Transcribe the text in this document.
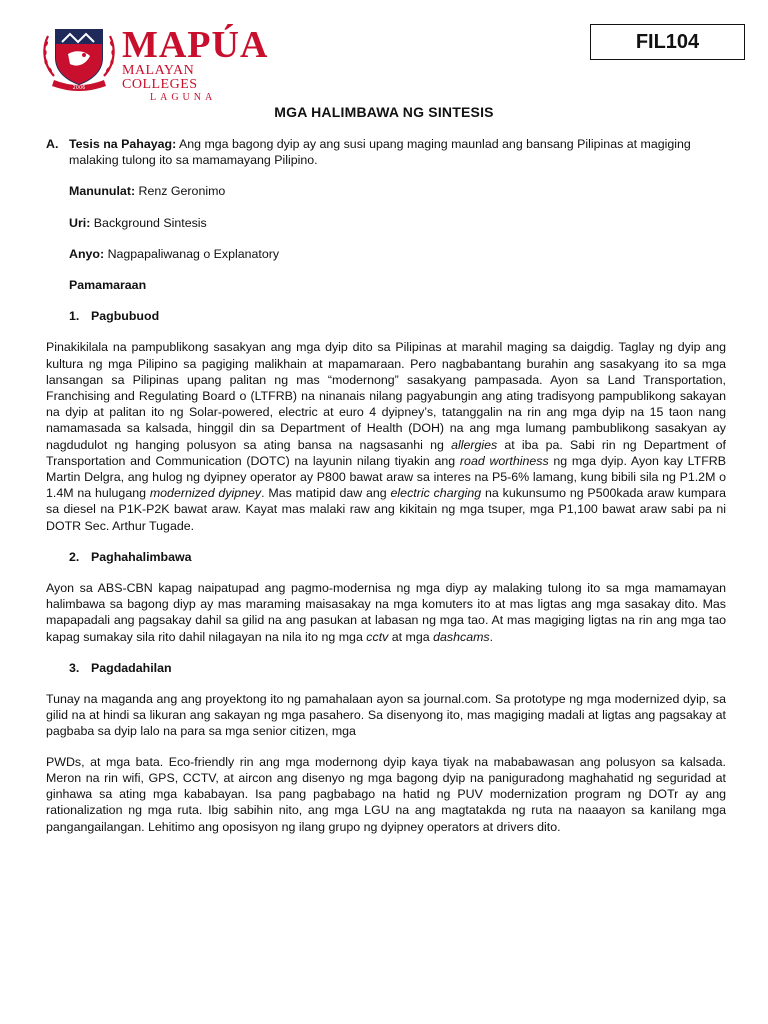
2006
MAPÚA
MALAYAN COLLEGES
LAGUNA
FIL104
MGA HALIMBAWA NG SINTESIS
A. Tesis na Pahayag: Ang mga bagong dyip ay ang susi upang maging maunlad ang bansang Pilipinas at magiging malaking tulong ito sa mamamayang Pilipino.
Manunulat: Renz Geronimo
Uri: Background Sintesis
Anyo: Nagpapaliwanag o Explanatory
Pamamaraan
1. Pagbubuod

Pinakikilala na pampublikong sasakyan ang mga dyip dito sa Pilipinas at marahil maging sa daigdig. Taglay ng dyip ang kultura ng mga Pilipino sa pagiging malikhain at mapamaraan. Pero nagbabantang burahin ang sasakyang ito sa mga lansangan sa Pilipinas upang palitan ng mas “modernong” sasakyang pampasada. Ayon sa Land Transportation, Franchising and Regulating Board o (LTFRB) na ninanais nilang pagyabungin ang ating tradisyong pampublikong sakayan na dyip at palitan ito ng Solar-powered, electric at euro 4 dyipney’s, tatanggalin na rin ang mga dyip na 15 taon nang namamasada sa kalsada, hinggil din sa Department of Health (DOH) na ang mga lumang pambublikong sasakyan ay nagdudulot ng hanging polusyon sa ating bansa na nagsasanhi ng allergies at iba pa. Sabi rin ng Department of Transportation and Communication (DOTC) na layunin nilang tiyakin ang road worthiness ng mga dyip. Ayon kay LTFRB Martin Delgra, ang hulog ng dyipney operator ay P800 bawat araw sa interes na P5-6% lamang, kung bibili sila ng P1.2M o 1.4M na hulugang modernized dyipney. Mas matipid daw ang electric charging na kukunsumo ng P500kada araw kumpara sa diesel na P1K-P2K bawat araw. Kayat mas malaki raw ang kikitain ng mga tsuper, mga P1,100 bawat araw sabi pa ni DOTR Sec. Arthur Tugade.

2. Paghahalimbawa

Ayon sa ABS-CBN kapag naipatupad ang pagmo-modernisa ng mga diyp ay malaking tulong ito sa mga mamamayan halimbawa sa bagong diyp ay mas maraming maisasakay na mga komuters ito at mas ligtas ang mga sasakay dito. Mas mapapadali ang pagsakay dahil sa gilid na ang pasukan at labasan ng mga tao. At mas magiging ligtas na rin ang mga tao kapag sumakay sila rito dahil nilagayan na nila ito ng mga cctv at mga dashcams.

3. Pagdadahilan

Tunay na maganda ang ang proyektong ito ng pamahalaan ayon sa journal.com. Sa prototype ng mga modernized dyip, sa gilid na at hindi sa likuran ang sakayan ng mga pasahero. Sa disenyong ito, mas magiging madali at ligtas ang pagsakay at pagbaba sa dyip lalo na para sa mga senior citizen, mga

PWDs, at mga bata. Eco-friendly rin ang mga modernong dyip kaya tiyak na mababawasan ang polusyon sa kalsada. Meron na rin wifi, GPS, CCTV, at aircon ang disenyo ng mga bagong dyip na paniguradong maghahatid ng seguridad at ginhawa sa ating mga kababayan. Isa pang pagbabago na hatid ng PUV modernization program ng DOTr ay ang rationalization ng mga ruta. Ibig sabihin nito, ang mga LGU na ang magtatakda ng ruta na naaayon sa kanilang mga pangangailangan. Lehitimo ang oposisyon ng ilang grupo ng dyipney operators at drivers dito.
